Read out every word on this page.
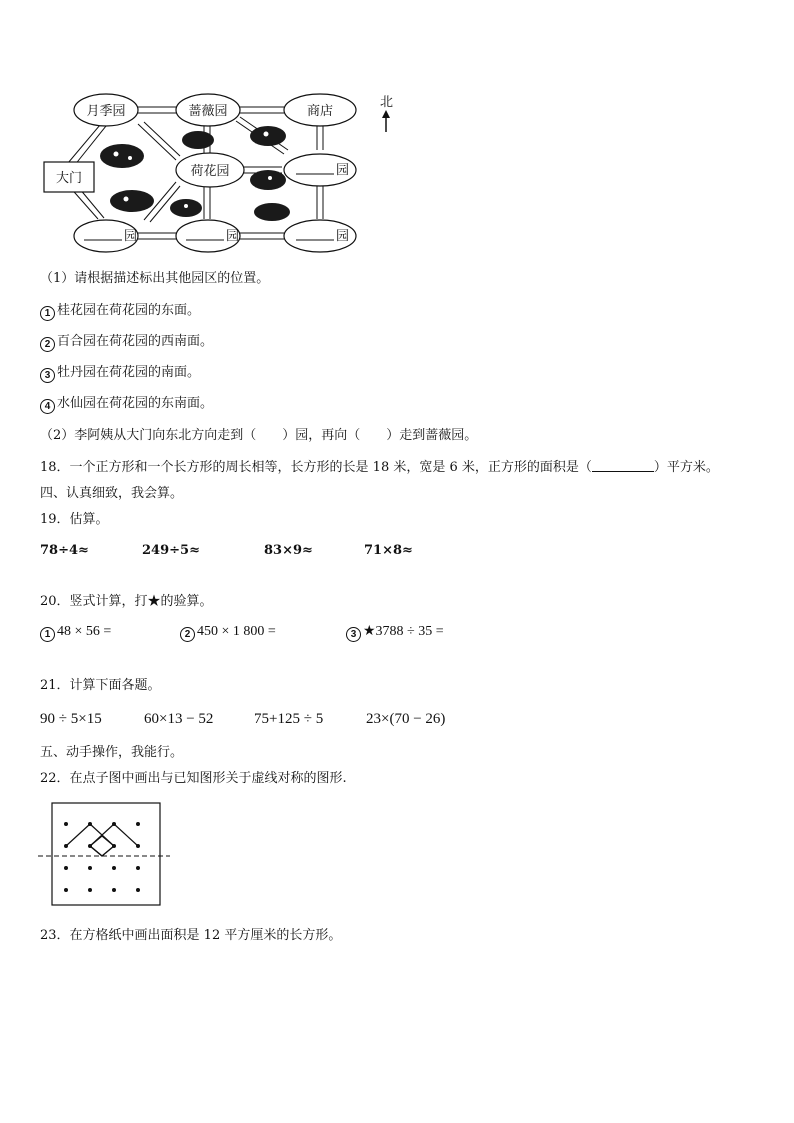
月季园	蔷薇园	商店
荷花园
大门
园
园	园	园
北
（1）请根据描述标出其他园区的位置。
1 桂花园在荷花园的东面。
2 百合园在荷花园的西南面。
3 牡丹园在荷花园的南面。
4 水仙园在荷花园的东南面。
（2）李阿姨从大门向东北方向走到（　　）园，再向（　　）走到蔷薇园。
18．一个正方形和一个长方形的周长相等，长方形的长是 18 米，宽是 6 米，正方形的面积是（	）平方米。
四、认真细致，我会算。
19．估算。
78÷4≈	249÷5≈	83×9≈	71×8≈
20．竖式计算，打★的验算。
1 48 × 56 =	2 450 × 1 800 =	3 ★3788 ÷ 35 =
21．计算下面各题。
90 ÷ 5×15	60×13 − 52	75+125 ÷ 5	23×(70 − 26)
五、动手操作，我能行。
22．在点子图中画出与已知图形关于虚线对称的图形.
23．在方格纸中画出面积是 12 平方厘米的长方形。
